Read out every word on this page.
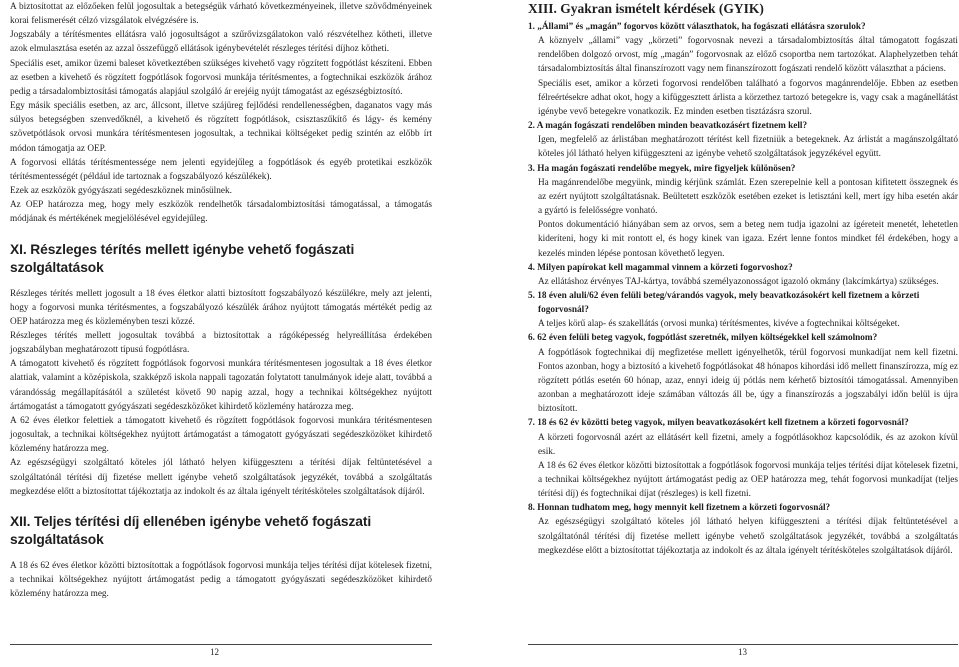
A biztosítottat az előzőeken felül jogosultak a betegségük várható következményeinek, illetve szövődményeinek korai felismerését célzó vizsgálatok elvégzésére is.

Jogszabály a térítésmentes ellátásra való jogosultságot a szűrővizsgálatokon való részvételhez kötheti, illetve azok elmulasztása esetén az azzal összefüggő ellátások igénybevételét részleges térítési díjhoz kötheti.

Speciális eset, amikor üzemi baleset következtében szükséges kivehető vagy rögzített fogpótlást készíteni. Ebben az esetben a kivehető és rögzített fogpótlások fogorvosi munkája térítésmentes, a fogtechnikai eszközök árához pedig a társadalombiztosítási támogatás alapjául szolgáló ár erejéig nyújt támogatást az egészségbiztosító.

Egy másik speciális esetben, az arc, állcsont, illetve szájüreg fejlődési rendellenességben, daganatos vagy más súlyos betegségben szenvedőknél, a kivehető és rögzített fogpótlások, csisztaszűkítő és lágy- és kemény szövetpótlások orvosi munkára térítésmentesen jogosultak, a technikai költségeket pedig szintén az előbb írt módon támogatja az OEP.

A fogorvosi ellátás térítésmentessége nem jelenti egyidejűleg a fogpótlások és egyéb protetikai eszközök térítésmentességét (például ide tartoznak a fogszabályozó készülékek).

Ezek az eszközök gyógyászati segédeszköznek minősülnek.

Az OEP határozza meg, hogy mely eszközök rendelhetők társadalombiztosítási támogatással, a támogatás módjának és mértékének megjelölésével egyidejűleg.

XI. Részleges térítés mellett igénybe vehető fogászati szolgáltatások

Részleges térítés mellett jogosult a 18 éves életkor alatti biztosított fogszabályozó készülékre, mely azt jelenti, hogy a fogorvosi munka térítésmentes, a fogszabályozó készülék árához nyújtott támogatás mértékét pedig az OEP határozza meg és közleményben teszi közzé.

Részleges térítés mellett jogosultak továbbá a biztosítottak a rágóképesség helyreállítása érdekében jogszabályban meghatározott típusú fogpótlásra.

A támogatott kivehető és rögzített fogpótlások fogorvosi munkára térítésmentesen jogosultak a 18 éves életkor alattiak, valamint a középiskola, szakképző iskola nappali tagozatán folytatott tanulmányok ideje alatt, továbbá a várandósság megállapításától a születést követő 90 napig azzal, hogy a technikai költségekhez nyújtott ártámogatást a támogatott gyógyászati segédeszközöket kihirdető közlemény határozza meg.

A 62 éves életkor felettiek a támogatott kivehető és rögzített fogpótlások fogorvosi munkára téritésmentesen jogosultak, a technikai költségekhez nyújtott ártámogatást a támogatott gyógyászati segédeszközöket kihirdető közlemény határozza meg.

Az egészségügyi szolgáltató köteles jól látható helyen kifüggesztenı a térítési díjak feltüntetésével a szolgáltatónál térítési díj fizetése mellett igénybe vehető szolgáltatások jegyzékét, továbbá a szolgáltatás megkezdése előtt a biztosítottat tájékoztatja az indokolt és az általa igényelt térítésköteles szolgáltatások díjáról.

XII. Teljes térítési díj ellenében igénybe vehető fogászati szolgáltatások

A 18 és 62 éves életkor közötti biztosítottak a fogpótlások fogorvosi munkája teljes térítési díjat kötelesek fizetni, a technikai költségekhez nyújtott ártámogatást pedig a támogatott gyógyászati segédeszközöket kihirdető közlemény határozza meg.

12
XIII. Gyakran ismételt kérdések (GYIK)

1. „Állami” és „magán” fogorvos között választhatok, ha fogászati ellátásra szorulok?

A köznyelv „állami” vagy „körzeti” fogorvosnak nevezi a társadalombiztosítás által támogatott fogászati rendelőben dolgozó orvost, míg „magán” fogorvosnak az előző csoportba nem tartozókat. Alaphelyzetben tehát társadalombiztosítás által finanszírozott vagy nem finanszírozott fogászati rendelő között választhat a páciens.

Speciális eset, amikor a körzeti fogorvosi rendelőben található a fogorvos magánrendelője. Ebben az esetben félreértésekre adhat okot, hogy a kifüggesztett árlista a körzethez tartozó betegekre is, vagy csak a magánellátást igénybe vevő betegekre vonatkozik. Ez minden esetben tisztázásra szorul.

2. A magán fogászati rendelőben minden beavatkozásért fizetnem kell?

Igen, megfelelő az árlistában meghatározott térítést kell fizetniük a betegeknek. Az árlistát a magánszolgáltató köteles jól látható helyen kifüggeszteni az igénybe vehető szolgáltatások jegyzékével együtt.

3. Ha magán fogászati rendelőbe megyek, mire figyeljek különösen?

Ha magánrendelőbe megyünk, mindig kérjünk számlát. Ezen szerepelnie kell a pontosan kifitetett összegnek és az ezért nyújtott szolgáltatásnak. Beültetett eszközök esetében ezeket is letisztáni kell, mert így hiba esetén akár a gyártó is felelősségre vonható.

Pontos dokumentáció hiányában sem az orvos, sem a beteg nem tudja igazolni az ígéreteit menetét, lehetetlen kideríteni, hogy ki mit rontott el, és hogy kinek van igaza. Ezért lenne fontos mindket fél érdekében, hogy a kezelés minden lépése pontosan követhető legyen.

4. Milyen papírokat kell magammal vinnem a körzeti fogorvoshoz?

Az ellátáshoz érvényes TAJ-kártya, továbbá személyazonosságot igazoló okmány (lakcímkártya) szükséges.

5. 18 éven aluli/62 éven felüli beteg/várandós vagyok, mely beavatkozásokért kell fizetnem a körzeti fogorvosnál?

A teljes körű alap- és szakellátás (orvosi munka) térítésmentes, kivéve a fogtechnikai költségeket.

6. 62 éven felüli beteg vagyok, fogpótlást szeretnék, milyen költségekkel kell számolnom?

A fogpótlások fogtechnikai díj megfizetése mellett igényelhetők, térül fogorvosi munkadíjat nem kell fizetni. Fontos azonban, hogy a biztosító a kivehető fogpótlásokat 48 hónapos kihordási idő mellett finanszírozza, míg ez rögzített pótlás esetén 60 hónap, azaz, ennyi ideig új pótlás nem kérhető biztosítói támogatással. Amennyiben azonban a meghatározott ideje számában változás áll be, úgy a finanszírozás a jogszabályi időn belül is újra biztosított.

7. 18 és 62 év közötti beteg vagyok, milyen beavatkozásokért kell fizetnem a körzeti fogorvosnál?

A körzeti fogorvosnál azért az ellátásért kell fizetni, amely a fogpótlásokhoz kapcsolódik, és az azokon kívül esik.

A 18 és 62 éves életkor közötti biztosítottak a fogpótlások fogorvosi munkája teljes térítési díjat kötelesek fizetni, a technikai költségekhez nyújtott ártámogatást pedig az OEP határozza meg, tehát fogorvosi munkadíjat (teljes térítési díj) és fogtechnikai díjat (részleges) is kell fizetni.

8. Honnan tudhatom meg, hogy mennyit kell fizetnem a körzeti fogorvosnál?

Az egészségügyi szolgáltató köteles jól látható helyen kifüggeszteni a térítési díjak feltüntetésével a szolgáltatónál térítési díj fizetése mellett igénybe vehető szolgáltatások jegyzékét, továbbá a szolgáltatás megkezdése előtt a biztosítottat tájékoztatja az indokolt és az általa igényelt térítésköteles szolgáltatások díjáról.

13
